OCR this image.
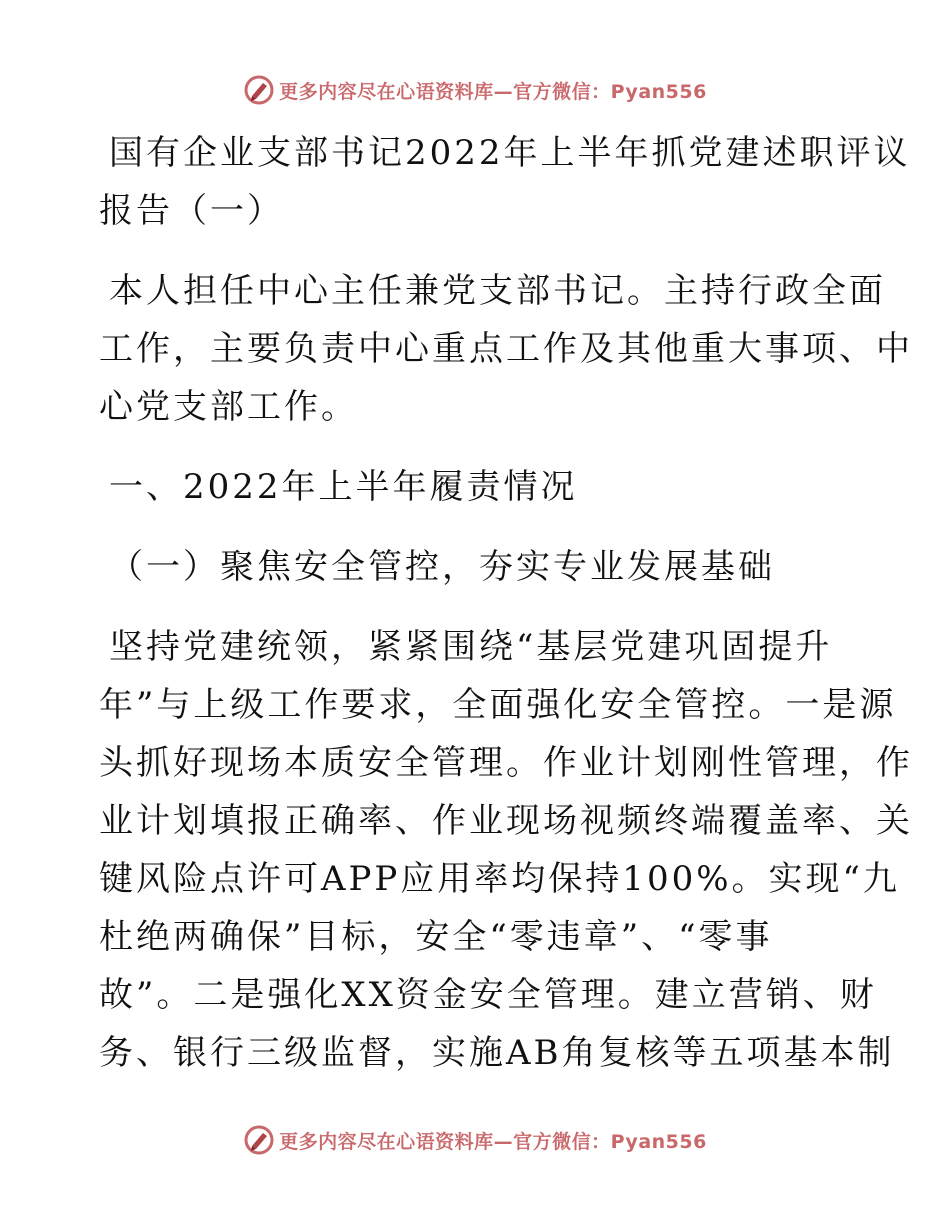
更多内容尽在心语资料库—官方微信：Pyan556
国有企业支部书记2022年上半年抓党建述职评议
报告（一）
本人担任中心主任兼党支部书记。主持行政全面
工作，主要负责中心重点工作及其他重大事项、中
心党支部工作。
一、2022年上半年履责情况
（一）聚焦安全管控，夯实专业发展基础
坚持党建统领，紧紧围绕“基层党建巩固提升
年”与上级工作要求，全面强化安全管控。一是源
头抓好现场本质安全管理。作业计划刚性管理，作
业计划填报正确率、作业现场视频终端覆盖率、关
键风险点许可APP应用率均保持100%。实现“九
杜绝两确保”目标，安全“零违章”、“零事
故”。二是强化XX资金安全管理。建立营销、财
务、银行三级监督，实施AB角复核等五项基本制
更多内容尽在心语资料库—官方微信：Pyan556
